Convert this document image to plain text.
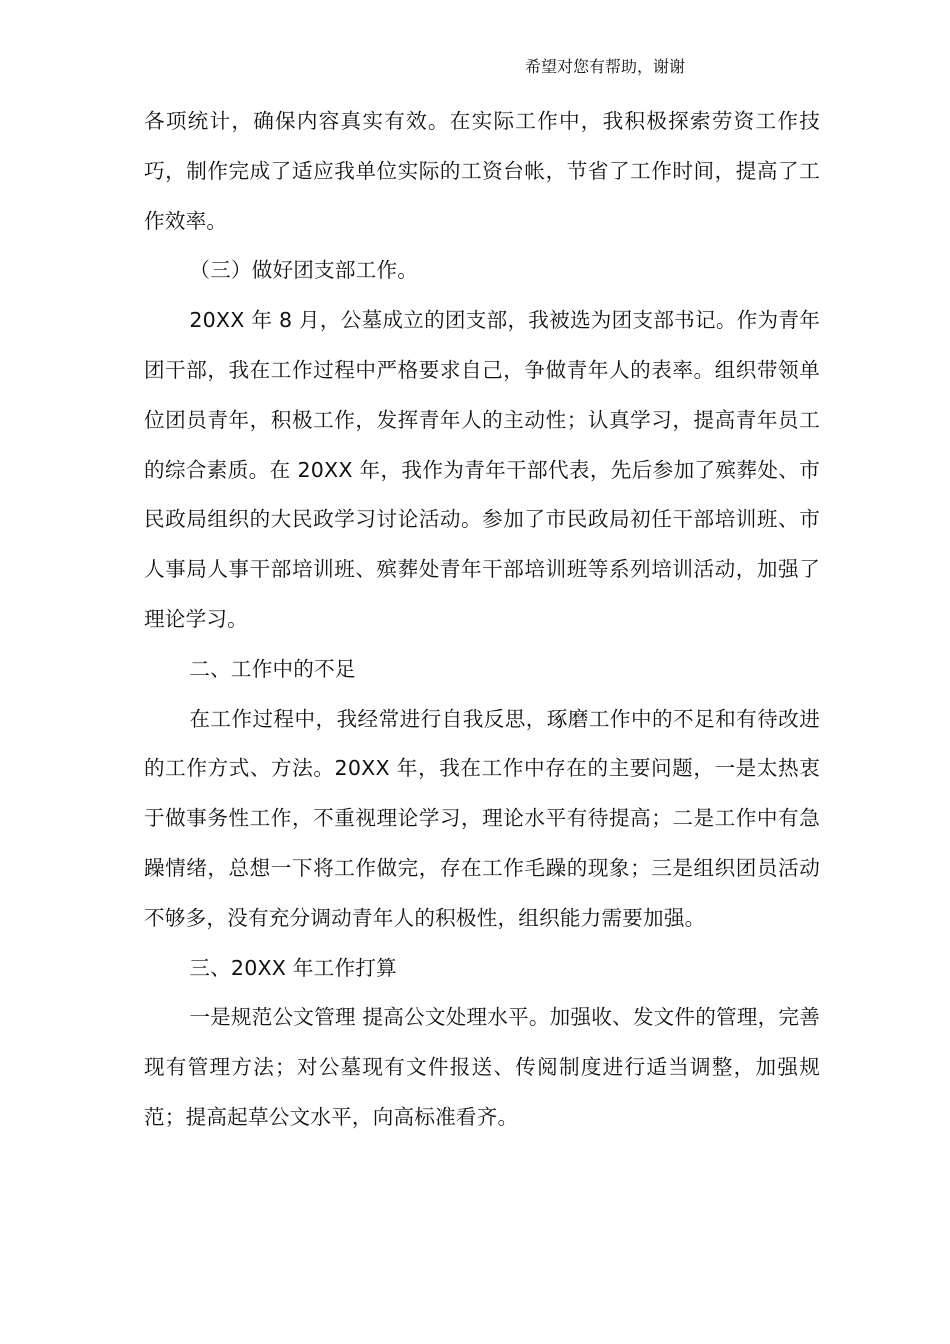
希望对您有帮助，谢谢

各项统计，确保内容真实有效。在实际工作中，我积极探索劳资工作技巧，制作完成了适应我单位实际的工资台帐，节省了工作时间，提高了工作效率。

（三）做好团支部工作。

20XX 年 8 月，公墓成立的团支部，我被选为团支部书记。作为青年团干部，我在工作过程中严格要求自己，争做青年人的表率。组织带领单位团员青年，积极工作，发挥青年人的主动性；认真学习，提高青年员工的综合素质。在 20XX 年，我作为青年干部代表，先后参加了殡葬处、市民政局组织的大民政学习讨论活动。参加了市民政局初任干部培训班、市人事局人事干部培训班、殡葬处青年干部培训班等系列培训活动，加强了理论学习。

二、工作中的不足

在工作过程中，我经常进行自我反思，琢磨工作中的不足和有待改进的工作方式、方法。20XX 年，我在工作中存在的主要问题，一是太热衷于做事务性工作，不重视理论学习，理论水平有待提高；二是工作中有急躁情绪，总想一下将工作做完，存在工作毛躁的现象；三是组织团员活动不够多，没有充分调动青年人的积极性，组织能力需要加强。

三、20XX 年工作打算

一是规范公文管理 提高公文处理水平。加强收、发文件的管理，完善现有管理方法；对公墓现有文件报送、传阅制度进行适当调整，加强规范；提高起草公文水平，向高标准看齐。
